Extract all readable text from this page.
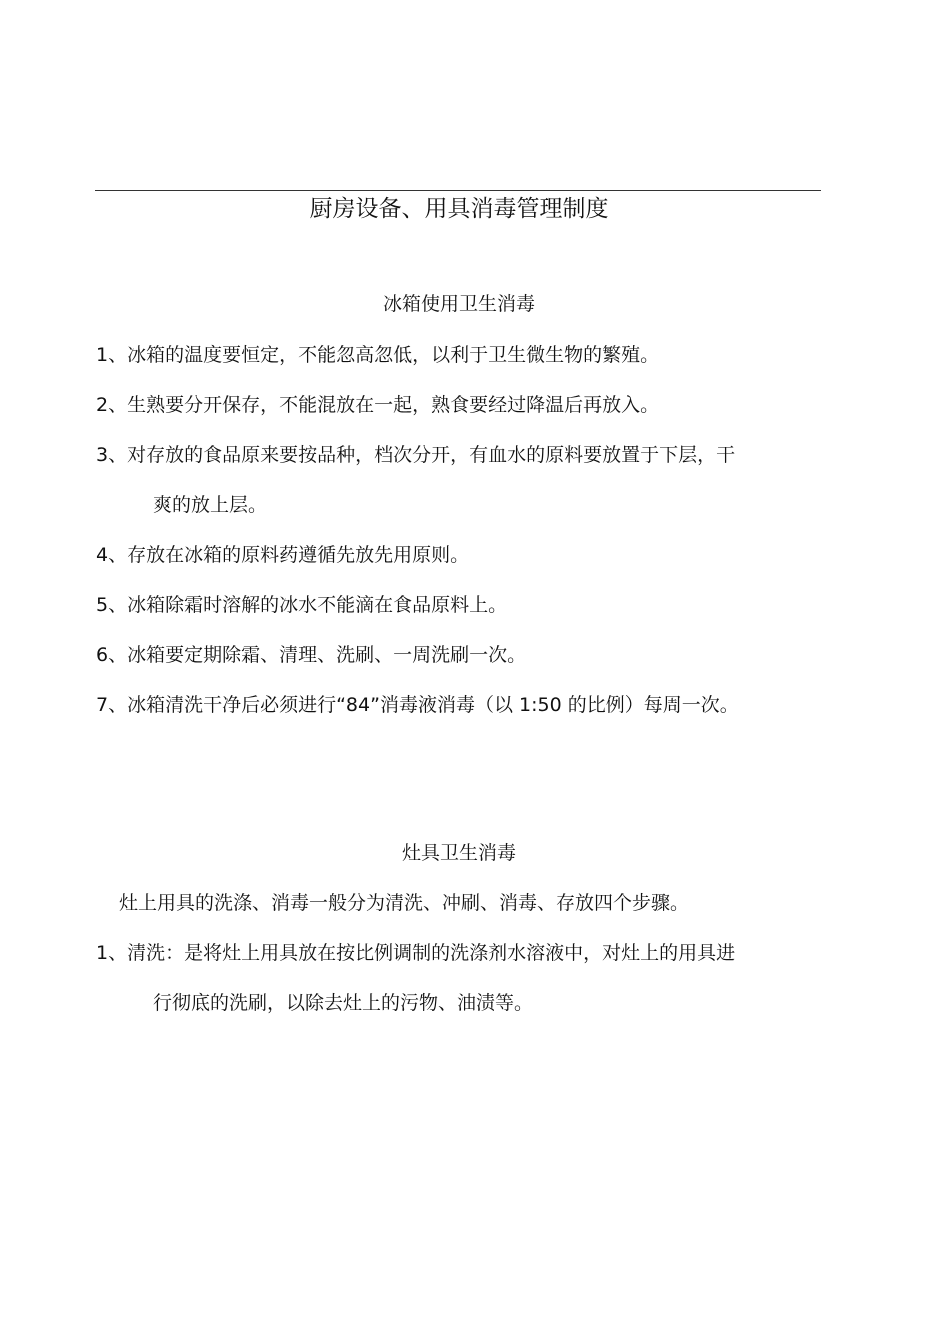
厨房设备、用具消毒管理制度
冰箱使用卫生消毒
1、冰箱的温度要恒定，不能忽高忽低，以利于卫生微生物的繁殖。
2、生熟要分开保存，不能混放在一起，熟食要经过降温后再放入。
3、对存放的食品原来要按品种，档次分开，有血水的原料要放置于下层，干
爽的放上层。
4、存放在冰箱的原料药遵循先放先用原则。
5、冰箱除霜时溶解的冰水不能滴在食品原料上。
6、冰箱要定期除霜、清理、洗刷、一周洗刷一次。
7、冰箱清洗干净后必须进行“84”消毒液消毒（以 1:50 的比例）每周一次。
灶具卫生消毒
灶上用具的洗涤、消毒一般分为清洗、冲刷、消毒、存放四个步骤。
1、清洗：是将灶上用具放在按比例调制的洗涤剂水溶液中，对灶上的用具进
行彻底的洗刷，以除去灶上的污物、油渍等。
